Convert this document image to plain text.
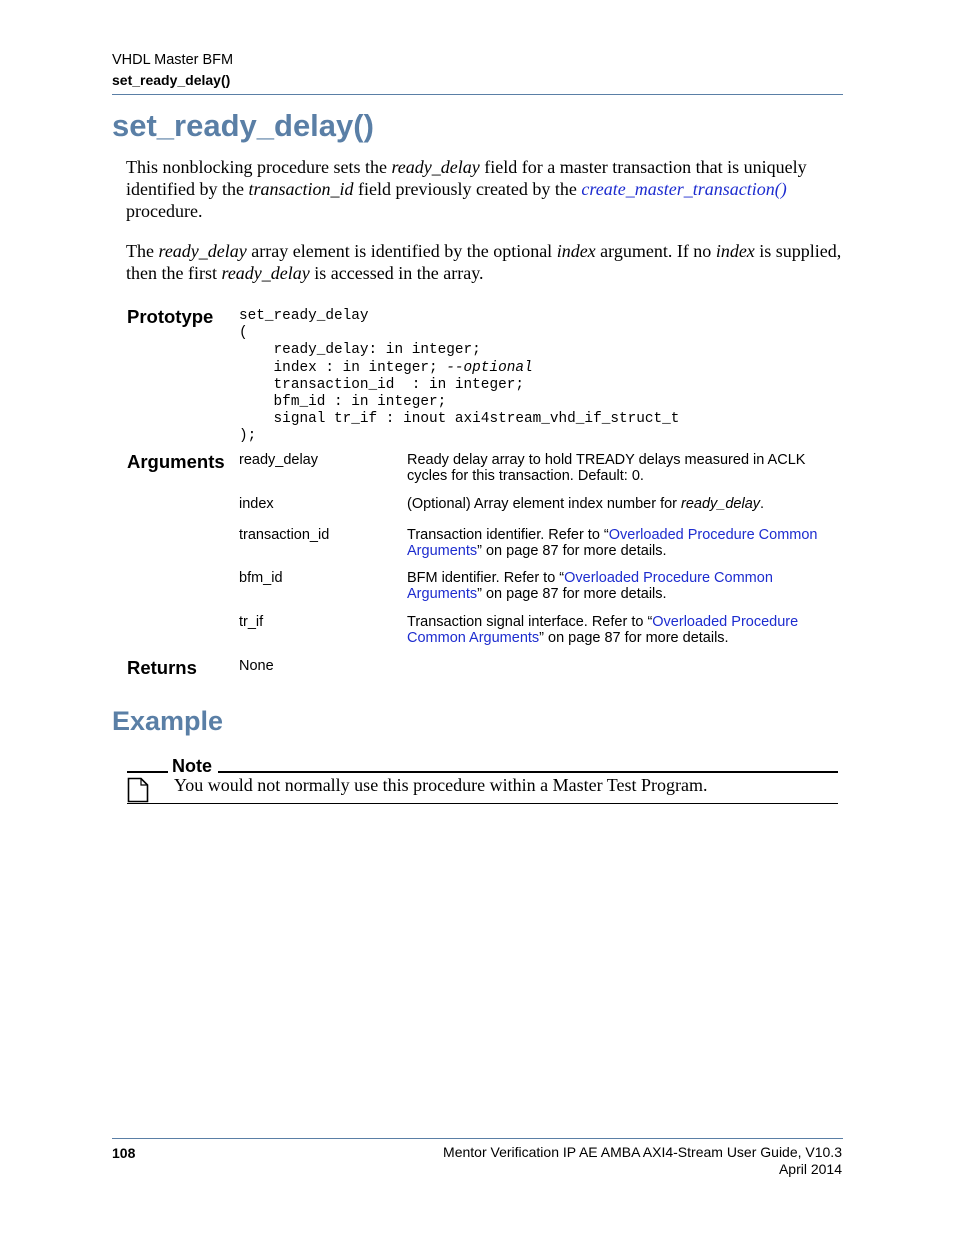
VHDL Master BFM
set_ready_delay()
set_ready_delay()

This nonblocking procedure sets the ready_delay field for a master transaction that is uniquely identified by the transaction_id field previously created by the create_master_transaction() procedure.

The ready_delay array element is identified by the optional index argument. If no index is supplied, then the first ready_delay is accessed in the array.

Prototype set_ready_delay
(
ready_delay: in integer;
index : in integer; --optional
transaction_id  : in integer;
bfm_id : in integer;
signal tr_if : inout axi4stream_vhd_if_struct_t
);
Arguments ready_delay	Ready delay array to hold TREADY delays measured in ACLK cycles for this transaction. Default: 0.
index	(Optional) Array element index number for ready_delay.
transaction_id	Transaction identifier. Refer to “Overloaded Procedure Common Arguments” on page 87 for more details.
bfm_id	BFM identifier. Refer to “Overloaded Procedure Common Arguments” on page 87 for more details.
tr_if	Transaction signal interface. Refer to “Overloaded Procedure Common Arguments” on page 87 for more details.
Returns	None
Example
Note
You would not normally use this procedure within a Master Test Program.
108	Mentor Verification IP AE AMBA AXI4-Stream User Guide, V10.3
April 2014
